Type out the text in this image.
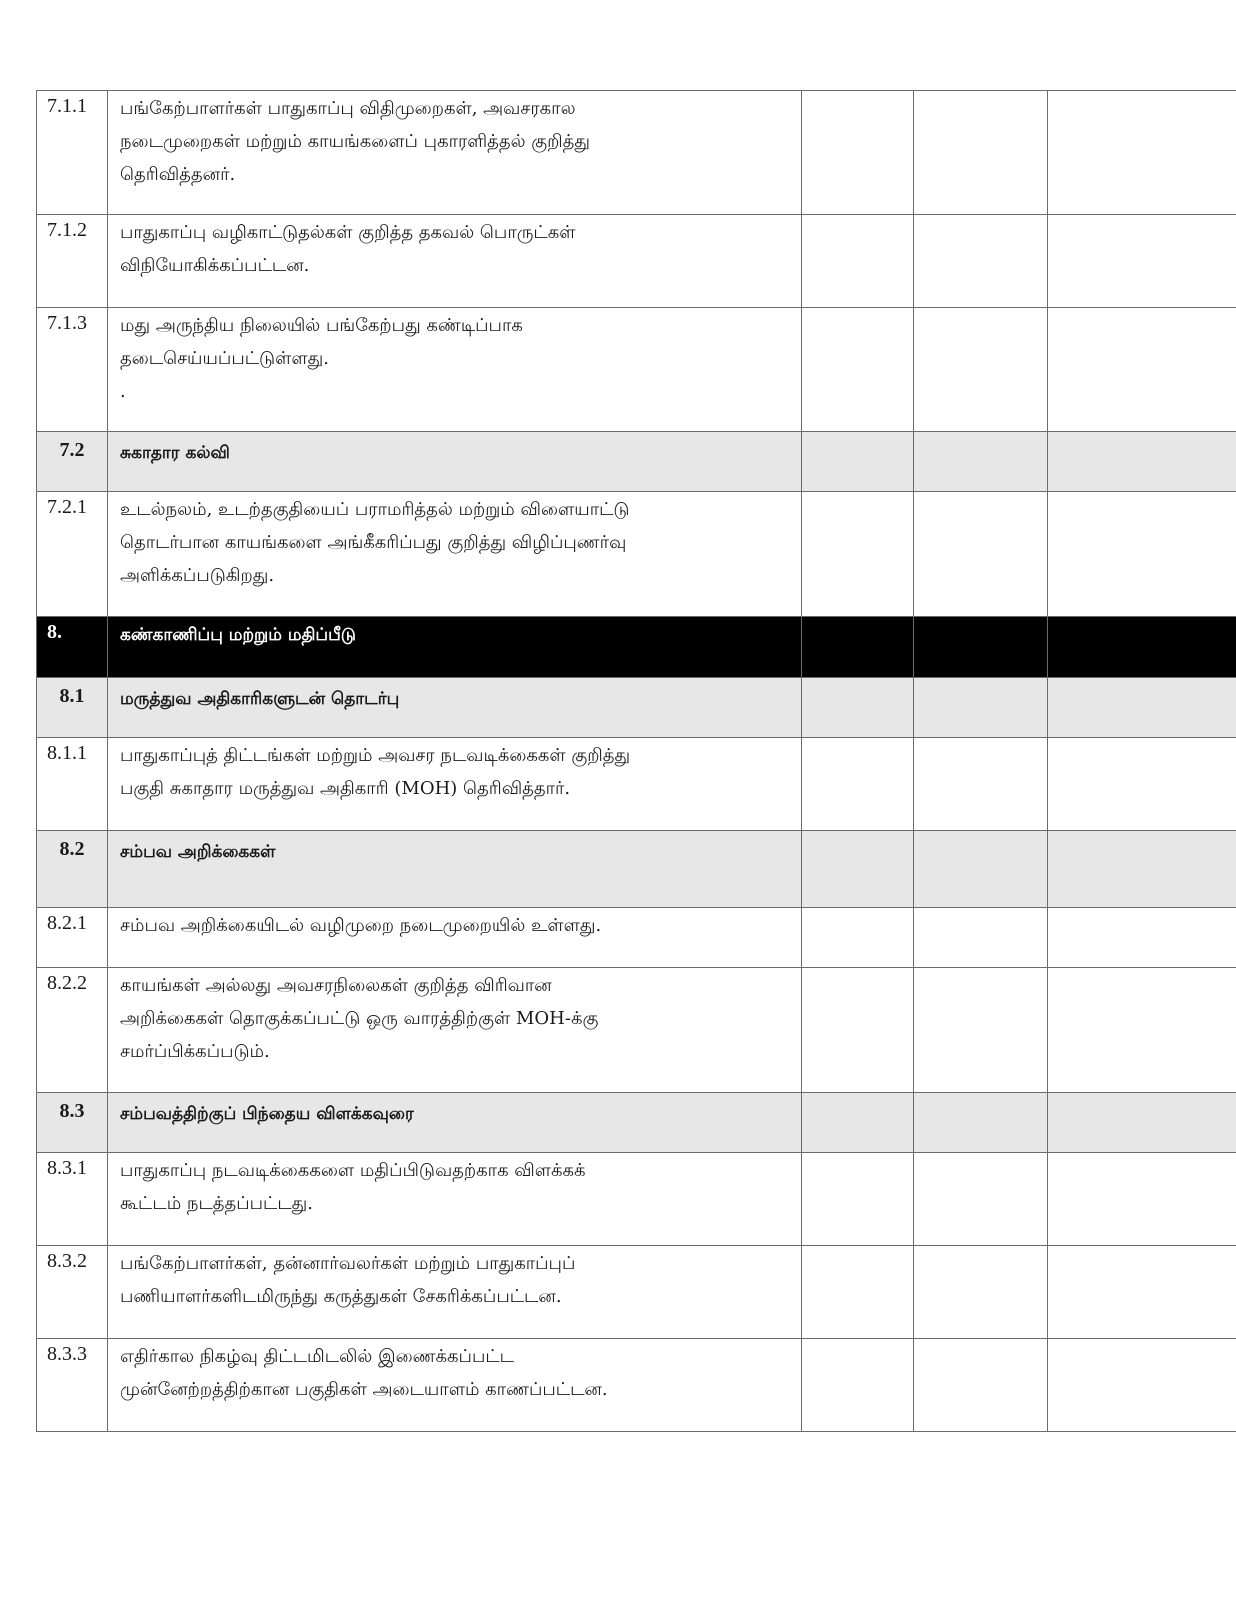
7.1.1	பங்கேற்பாளர்கள் பாதுகாப்பு விதிமுறைகள், அவசரகால
நடைமுறைகள் மற்றும் காயங்களைப் புகாரளித்தல் குறித்து
தெரிவித்தனர்.			

7.1.2	பாதுகாப்பு வழிகாட்டுதல்கள் குறித்த தகவல் பொருட்கள்
விநியோகிக்கப்பட்டன.			

7.1.3	மது அருந்திய நிலையில் பங்கேற்பது கண்டிப்பாக
தடைசெய்யப்பட்டுள்ளது.
.			

7.2	சுகாதார கல்வி			
7.2.1	உடல்நலம், உடற்தகுதியைப் பராமரித்தல் மற்றும் விளையாட்டு
தொடர்பான காயங்களை அங்கீகரிப்பது குறித்து விழிப்புணர்வு
அளிக்கப்படுகிறது.			

8.	கண்காணிப்பு மற்றும் மதிப்பீடு			
8.1	மருத்துவ அதிகாரிகளுடன் தொடர்பு			
8.1.1	பாதுகாப்புத் திட்டங்கள் மற்றும் அவசர நடவடிக்கைகள் குறித்து
பகுதி சுகாதார மருத்துவ அதிகாரி (MOH) தெரிவித்தார்.			

8.2	சம்பவ அறிக்கைகள்			
8.2.1	சம்பவ அறிக்கையிடல் வழிமுறை நடைமுறையில் உள்ளது.			

8.2.2	காயங்கள் அல்லது அவசரநிலைகள் குறித்த விரிவான
அறிக்கைகள் தொகுக்கப்பட்டு ஒரு வாரத்திற்குள் MOH-க்கு
சமர்ப்பிக்கப்படும்.			

8.3	சம்பவத்திற்குப் பிந்தைய விளக்கவுரை			
8.3.1	பாதுகாப்பு நடவடிக்கைகளை மதிப்பிடுவதற்காக விளக்கக்
கூட்டம் நடத்தப்பட்டது.			

8.3.2	பங்கேற்பாளர்கள், தன்னார்வலர்கள் மற்றும் பாதுகாப்புப்
பணியாளர்களிடமிருந்து கருத்துகள் சேகரிக்கப்பட்டன.			

8.3.3	எதிர்கால நிகழ்வு திட்டமிடலில் இணைக்கப்பட்ட
முன்னேற்றத்திற்கான பகுதிகள் அடையாளம் காணப்பட்டன.			
